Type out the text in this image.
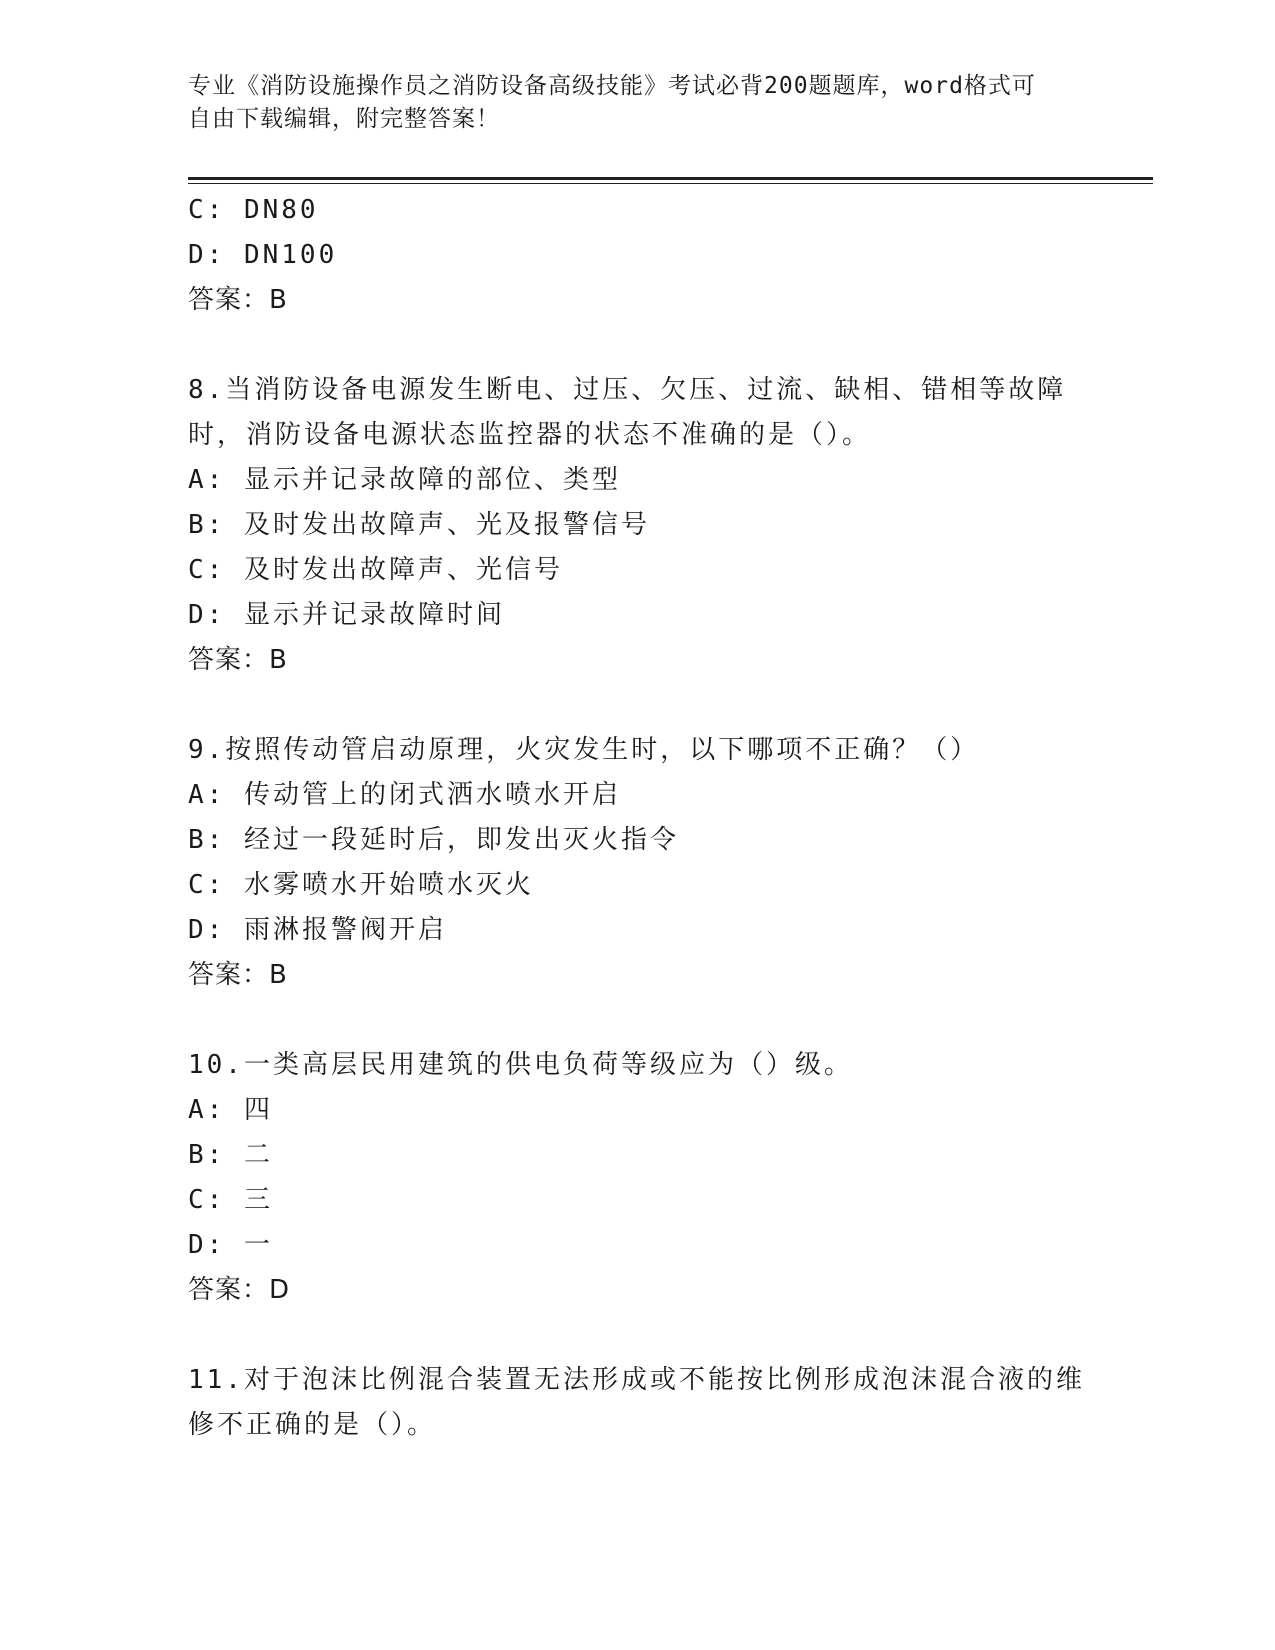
专业《消防设施操作员之消防设备高级技能》考试必背200题题库，word格式可
自由下载编辑，附完整答案！
C: DN80
D: DN100
答案：B
8.当消防设备电源发生断电、过压、欠压、过流、缺相、错相等故障
时，消防设备电源状态监控器的状态不准确的是（）。
A: 显示并记录故障的部位、类型
B: 及时发出故障声、光及报警信号
C: 及时发出故障声、光信号
D: 显示并记录故障时间
答案：B
9.按照传动管启动原理，火灾发生时，以下哪项不正确？（）
A: 传动管上的闭式洒水喷水开启
B: 经过一段延时后，即发出灭火指令
C: 水雾喷水开始喷水灭火
D: 雨淋报警阀开启
答案：B
10.一类高层民用建筑的供电负荷等级应为（）级。
A: 四
B: 二
C: 三
D: 一
答案：D
11.对于泡沫比例混合装置无法形成或不能按比例形成泡沫混合液的维
修不正确的是（）。
